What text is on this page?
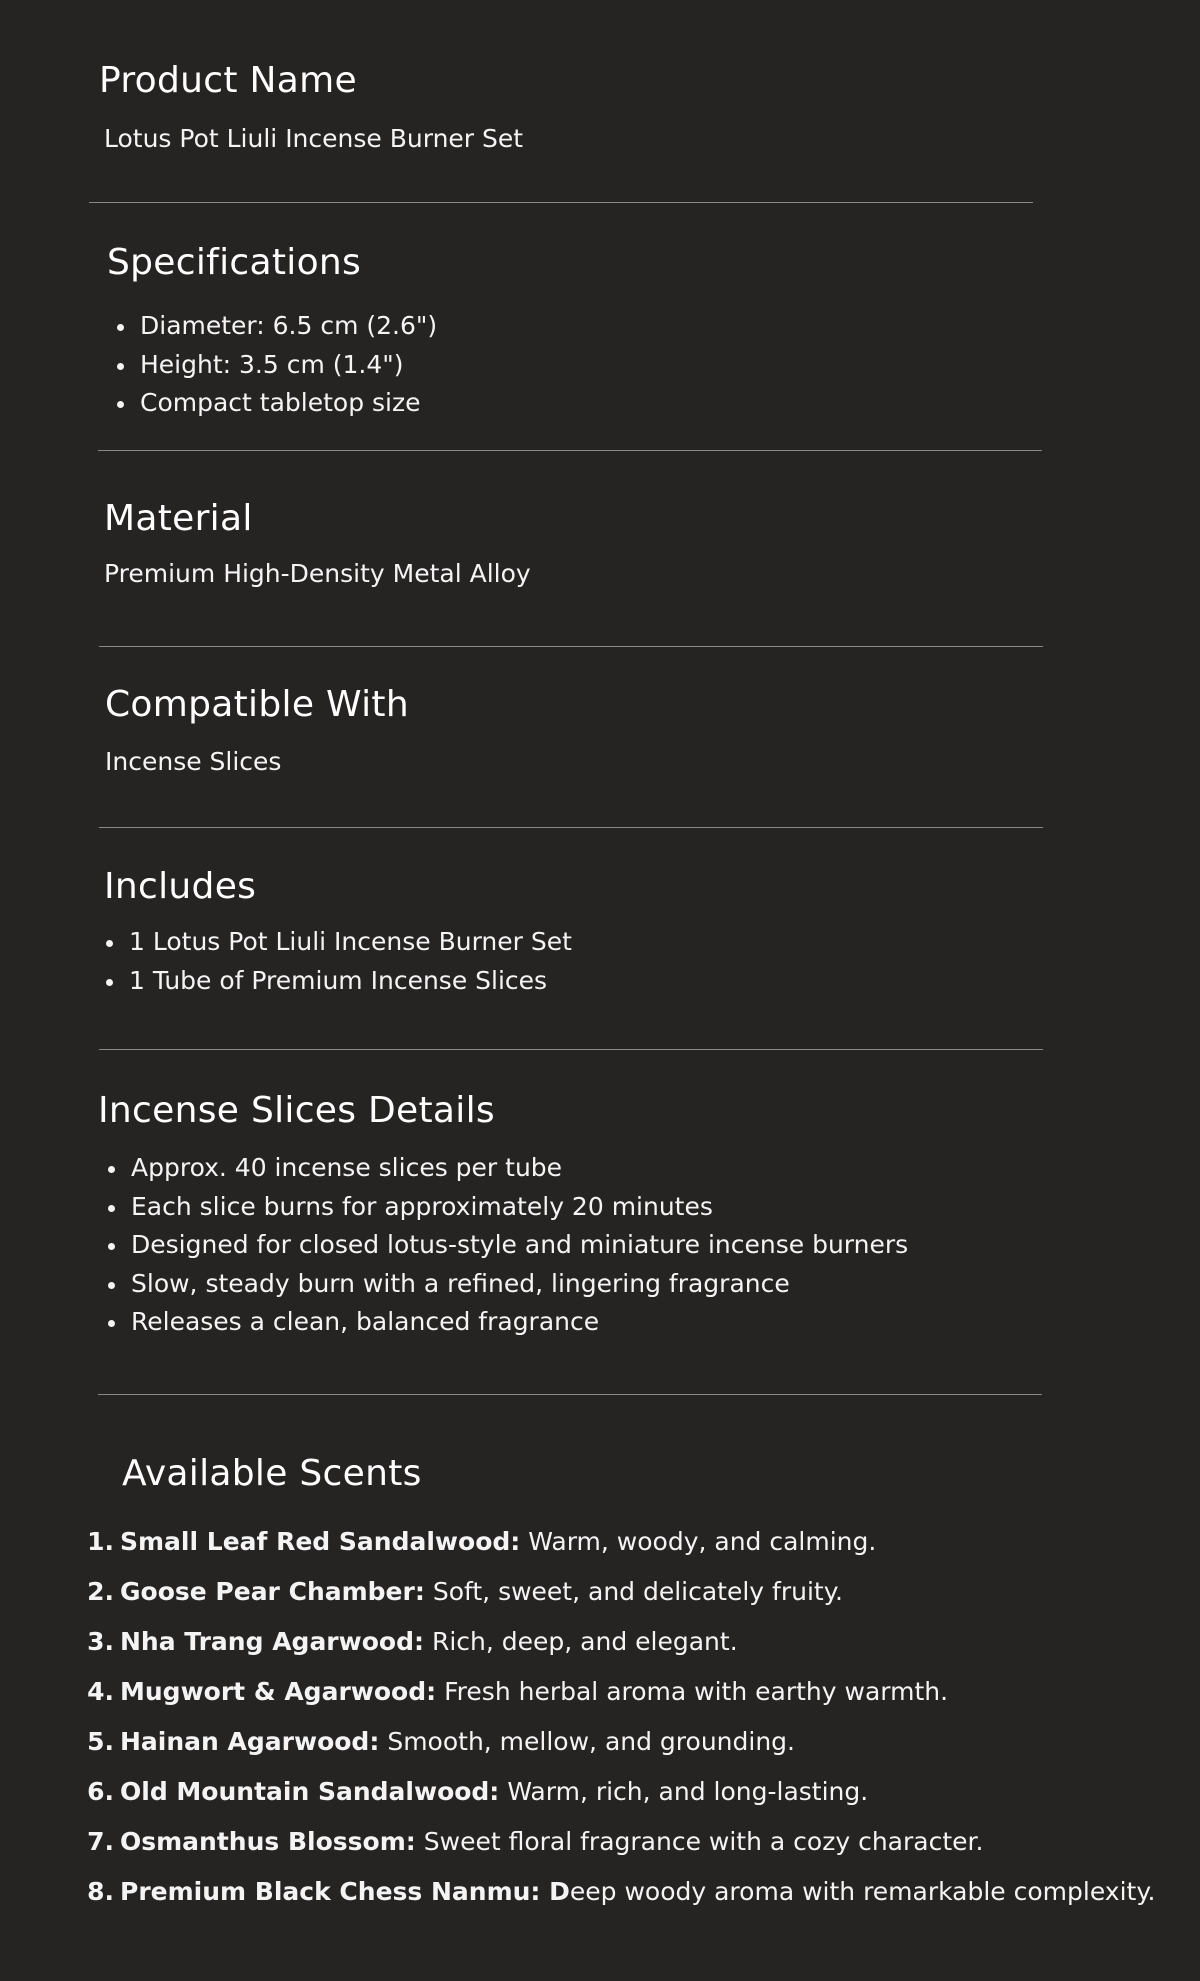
Product Name
Lotus Pot Liuli Incense Burner Set
Specifications
Diameter: 6.5 cm (2.6")
Height: 3.5 cm (1.4")
Compact tabletop size
Material
Premium High-Density Metal Alloy
Compatible With
Incense Slices
Includes
1 Lotus Pot Liuli Incense Burner Set
1 Tube of Premium Incense Slices
Incense Slices Details
Approx. 40 incense slices per tube
Each slice burns for approximately 20 minutes
Designed for closed lotus-style and miniature incense burners
Slow, steady burn with a refined, lingering fragrance
Releases a clean, balanced fragrance
Available Scents
1. Small Leaf Red Sandalwood: Warm, woody, and calming.
2. Goose Pear Chamber: Soft, sweet, and delicately fruity.
3. Nha Trang Agarwood: Rich, deep, and elegant.
4. Mugwort & Agarwood: Fresh herbal aroma with earthy warmth.
5. Hainan Agarwood: Smooth, mellow, and grounding.
6. Old Mountain Sandalwood: Warm, rich, and long-lasting.
7. Osmanthus Blossom: Sweet floral fragrance with a cozy character.
8. Premium Black Chess Nanmu: D eep woody aroma with remarkable complexity.
